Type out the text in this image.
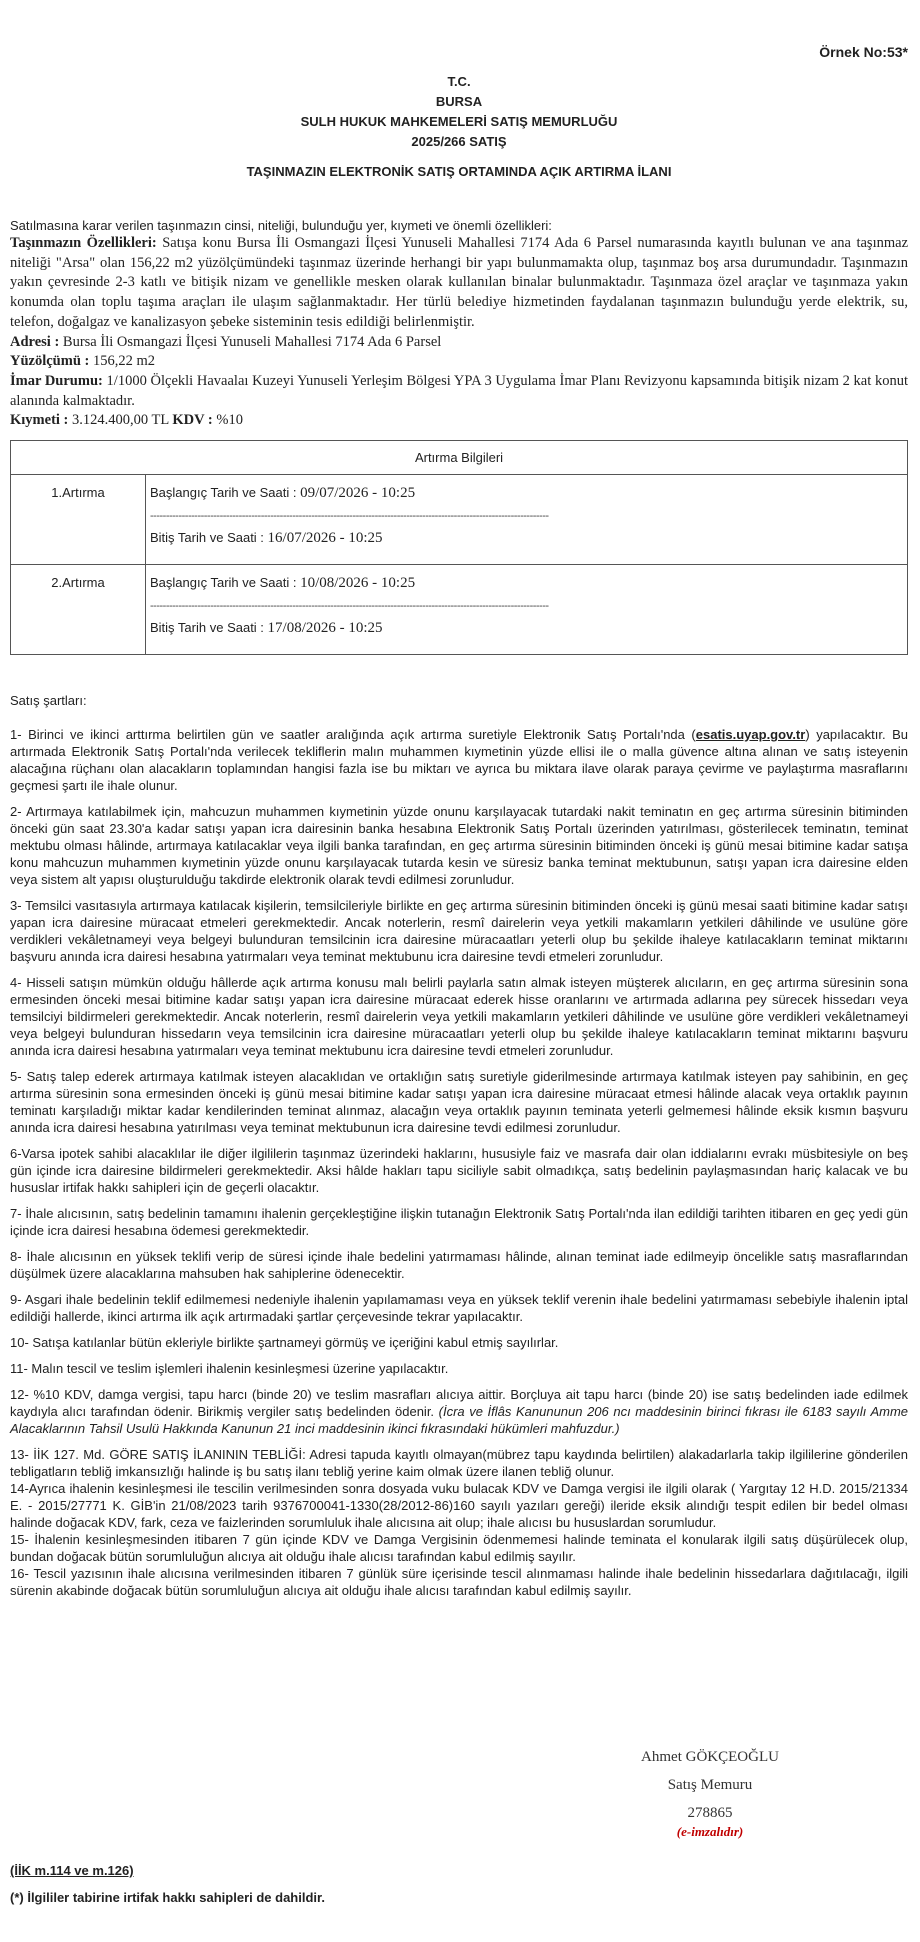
Örnek No:53*
T.C.
BURSA
SULH HUKUK MAHKEMELERİ SATIŞ MEMURLUĞU
2025/266 SATIŞ
TAŞINMAZIN ELEKTRONİK SATIŞ ORTAMINDA AÇIK ARTIRMA İLANI
Satılmasına karar verilen taşınmazın cinsi, niteliği, bulunduğu yer, kıymeti ve önemli özellikleri:
Taşınmazın Özellikleri: Satışa konu Bursa İli Osmangazi İlçesi Yunuseli Mahallesi 7174 Ada 6 Parsel numarasında kayıtlı bulunan ve ana taşınmaz niteliği "Arsa" olan 156,22 m2 yüzölçümündeki taşınmaz üzerinde herhangi bir yapı bulunmamakta olup, taşınmaz boş arsa durumundadır. Taşınmazın yakın çevresinde 2-3 katlı ve bitişik nizam ve genellikle mesken olarak kullanılan binalar bulunmaktadır. Taşınmaza özel araçlar ve taşınmaza yakın konumda olan toplu taşıma araçları ile ulaşım sağlanmaktadır. Her türlü belediye hizmetinden faydalanan taşınmazın bulunduğu yerde elektrik, su, telefon, doğalgaz ve kanalizasyon şebeke sisteminin tesis edildiği belirlenmiştir.
Adresi : Bursa İli Osmangazi İlçesi Yunuseli Mahallesi 7174 Ada 6 Parsel
Yüzölçümü : 156,22 m2
İmar Durumu: 1/1000 Ölçekli Havaalaı Kuzeyi Yunuseli Yerleşim Bölgesi YPA 3 Uygulama İmar Planı Revizyonu kapsamında bitişik nizam 2 kat konut alanında kalmaktadır.
Kıymeti : 3.124.400,00 TL KDV : %10
Artırma Bilgileri	
1.Artırma	Başlangıç Tarih ve Saati : 09/07/2026 - 10:25
------------------------------------------------------------------------------------------------------------------------------
Bitiş Tarih ve Saati : 16/07/2026 - 10:25

2.Artırma	Başlangıç Tarih ve Saati : 10/08/2026 - 10:25
------------------------------------------------------------------------------------------------------------------------------
Bitiş Tarih ve Saati : 17/08/2026 - 10:25

Satış şartları:

1- Birinci ve ikinci arttırma belirtilen gün ve saatler aralığında açık artırma suretiyle Elektronik Satış Portalı'nda (esatis.uyap.gov.tr) yapılacaktır. Bu artırmada Elektronik Satış Portalı'nda verilecek tekliflerin malın muhammen kıymetinin yüzde ellisi ile o malla güvence altına alınan ve satış isteyenin alacağına rüçhanı olan alacakların toplamından hangisi fazla ise bu miktarı ve ayrıca bu miktara ilave olarak paraya çevirme ve paylaştırma masraflarını geçmesi şartı ile ihale olunur.

2- Artırmaya katılabilmek için, mahcuzun muhammen kıymetinin yüzde onunu karşılayacak tutardaki nakit teminatın en geç artırma süresinin bitiminden önceki gün saat 23.30'a kadar satışı yapan icra dairesinin banka hesabına Elektronik Satış Portalı üzerinden yatırılması, gösterilecek teminatın, teminat mektubu olması hâlinde, artırmaya katılacaklar veya ilgili banka tarafından, en geç artırma süresinin bitiminden önceki iş günü mesai bitimine kadar satışa konu mahcuzun muhammen kıymetinin yüzde onunu karşılayacak tutarda kesin ve süresiz banka teminat mektubunun, satışı yapan icra dairesine elden veya sistem alt yapısı oluşturulduğu takdirde elektronik olarak tevdi edilmesi zorunludur.

3- Temsilci vasıtasıyla artırmaya katılacak kişilerin, temsilcileriyle birlikte en geç artırma süresinin bitiminden önceki iş günü mesai saati bitimine kadar satışı yapan icra dairesine müracaat etmeleri gerekmektedir. Ancak noterlerin, resmî dairelerin veya yetkili makamların yetkileri dâhilinde ve usulüne göre verdikleri vekâletnameyi veya belgeyi bulunduran temsilcinin icra dairesine müracaatları yeterli olup bu şekilde ihaleye katılacakların teminat miktarını başvuru anında icra dairesi hesabına yatırmaları veya teminat mektubunu icra dairesine tevdi etmeleri zorunludur.

4- Hisseli satışın mümkün olduğu hâllerde açık artırma konusu malı belirli paylarla satın almak isteyen müşterek alıcıların, en geç artırma süresinin sona ermesinden önceki mesai bitimine kadar satışı yapan icra dairesine müracaat ederek hisse oranlarını ve artırmada adlarına pey sürecek hissedarı veya temsilciyi bildirmeleri gerekmektedir. Ancak noterlerin, resmî dairelerin veya yetkili makamların yetkileri dâhilinde ve usulüne göre verdikleri vekâletnameyi veya belgeyi bulunduran hissedarın veya temsilcinin icra dairesine müracaatları yeterli olup bu şekilde ihaleye katılacakların teminat miktarını başvuru anında icra dairesi hesabına yatırmaları veya teminat mektubunu icra dairesine tevdi etmeleri zorunludur.

5- Satış talep ederek artırmaya katılmak isteyen alacaklıdan ve ortaklığın satış suretiyle giderilmesinde artırmaya katılmak isteyen pay sahibinin, en geç artırma süresinin sona ermesinden önceki iş günü mesai bitimine kadar satışı yapan icra dairesine müracaat etmesi hâlinde alacak veya ortaklık payının teminatı karşıladığı miktar kadar kendilerinden teminat alınmaz, alacağın veya ortaklık payının teminata yeterli gelmemesi hâlinde eksik kısmın başvuru anında icra dairesi hesabına yatırılması veya teminat mektubunun icra dairesine tevdi edilmesi zorunludur.

6-Varsa ipotek sahibi alacaklılar ile diğer ilgililerin taşınmaz üzerindeki haklarını, hususiyle faiz ve masrafa dair olan iddialarını evrakı müsbitesiyle on beş gün içinde icra dairesine bildirmeleri gerekmektedir. Aksi hâlde hakları tapu siciliyle sabit olmadıkça, satış bedelinin paylaşmasından hariç kalacak ve bu hususlar irtifak hakkı sahipleri için de geçerli olacaktır.

7- İhale alıcısının, satış bedelinin tamamını ihalenin gerçekleştiğine ilişkin tutanağın Elektronik Satış Portalı'nda ilan edildiği tarihten itibaren en geç yedi gün içinde icra dairesi hesabına ödemesi gerekmektedir.

8- İhale alıcısının en yüksek teklifi verip de süresi içinde ihale bedelini yatırmaması hâlinde, alınan teminat iade edilmeyip öncelikle satış masraflarından düşülmek üzere alacaklarına mahsuben hak sahiplerine ödenecektir.

9- Asgari ihale bedelinin teklif edilmemesi nedeniyle ihalenin yapılamaması veya en yüksek teklif verenin ihale bedelini yatırmaması sebebiyle ihalenin iptal edildiği hallerde, ikinci artırma ilk açık artırmadaki şartlar çerçevesinde tekrar yapılacaktır.

10- Satışa katılanlar bütün ekleriyle birlikte şartnameyi görmüş ve içeriğini kabul etmiş sayılırlar.

11- Malın tescil ve teslim işlemleri ihalenin kesinleşmesi üzerine yapılacaktır.

12- %10 KDV, damga vergisi, tapu harcı (binde 20) ve teslim masrafları alıcıya aittir. Borçluya ait tapu harcı (binde 20) ise satış bedelinden iade edilmek kaydıyla alıcı tarafından ödenir. Birikmiş vergiler satış bedelinden ödenir. (İcra ve İflâs Kanununun 206 ncı maddesinin birinci fıkrası ile 6183 sayılı Amme Alacaklarının Tahsil Usulü Hakkında Kanunun 21 inci maddesinin ikinci fıkrasındaki hükümleri mahfuzdur.)

13- İİK 127. Md. GÖRE SATIŞ İLANININ TEBLİĞİ: Adresi tapuda kayıtlı olmayan(mübrez tapu kaydında belirtilen) alakadarlarla takip ilgililerine gönderilen tebligatların tebliğ imkansızlığı halinde iş bu satış ilanı tebliğ yerine kaim olmak üzere ilanen tebliğ olunur.

14-Ayrıca ihalenin kesinleşmesi ile tescilin verilmesinden sonra dosyada vuku bulacak KDV ve Damga vergisi ile ilgili olarak ( Yargıtay 12 H.D. 2015/21334 E. - 2015/27771 K. GİB'in 21/08/2023 tarih 9376700041-1330(28/2012-86)160 sayılı yazıları gereği) ileride eksik alındığı tespit edilen bir bedel olması halinde doğacak KDV, fark, ceza ve faizlerinden sorumluluk ihale alıcısına ait olup; ihale alıcısı bu hususlardan sorumludur.

15- İhalenin kesinleşmesinden itibaren 7 gün içinde KDV ve Damga Vergisinin ödenmemesi halinde teminata el konularak ilgili satış düşürülecek olup, bundan doğacak bütün sorumluluğun alıcıya ait olduğu ihale alıcısı tarafından kabul edilmiş sayılır.

16- Tescil yazısının ihale alıcısına verilmesinden itibaren 7 günlük süre içerisinde tescil alınmaması halinde ihale bedelinin hissedarlara dağıtılacağı, ilgili sürenin akabinde doğacak bütün sorumluluğun alıcıya ait olduğu ihale alıcısı tarafından kabul edilmiş sayılır.

Ahmet GÖKÇEOĞLU
Satış Memuru
278865
(e-imzalıdır)
(İİK m.114 ve m.126)
(*) İlgililer tabirine irtifak hakkı sahipleri de dahildir.
